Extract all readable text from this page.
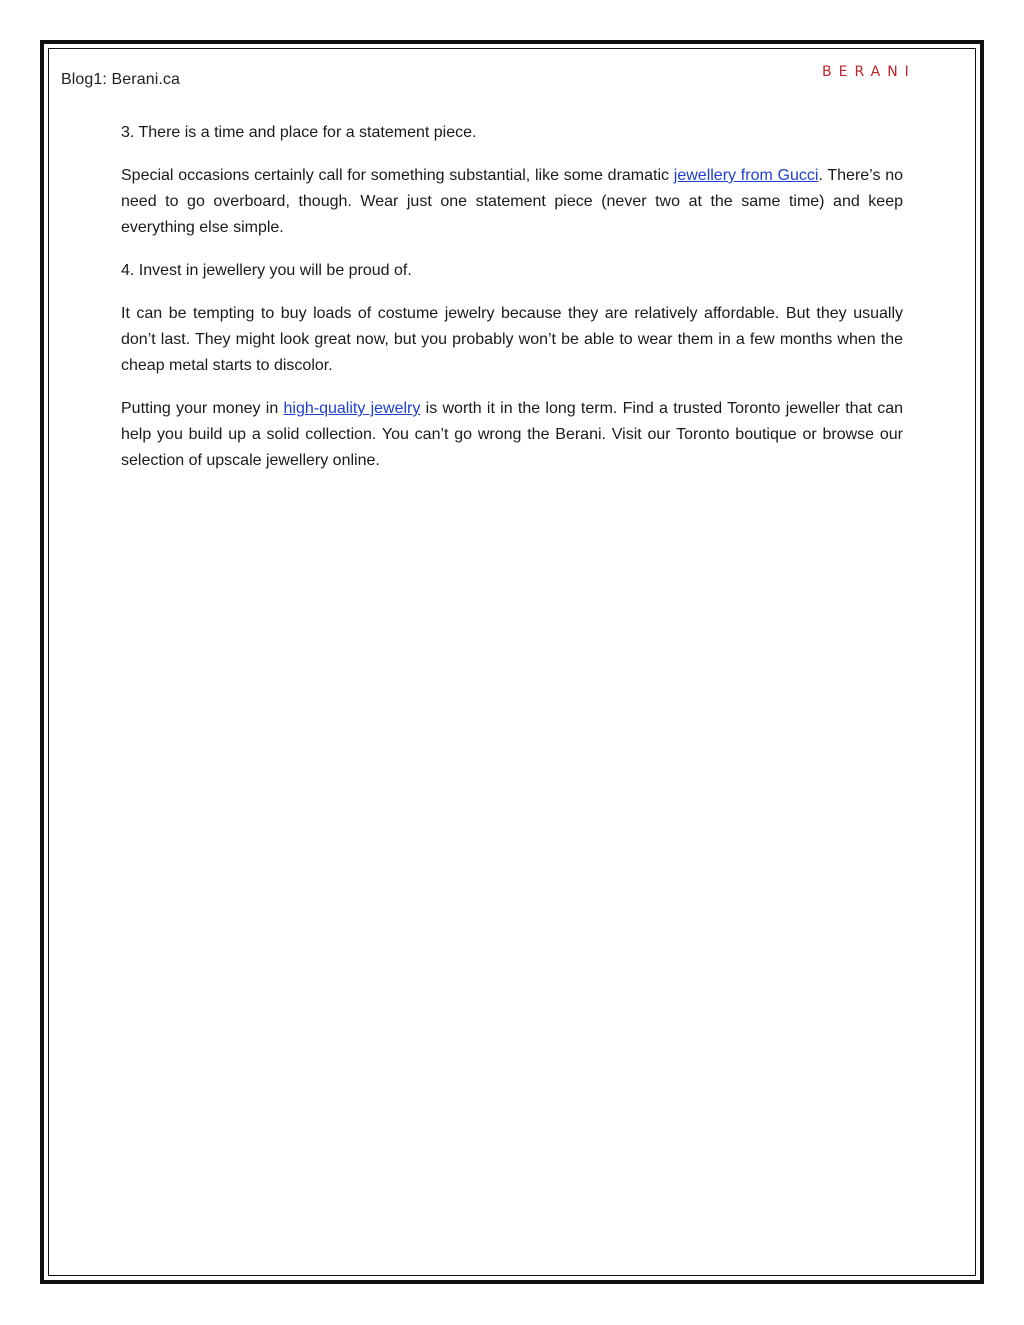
Blog1: Berani.ca	BERANI

3. There is a time and place for a statement piece.

Special occasions certainly call for something substantial, like some dramatic jewellery from Gucci. There’s no need to go overboard, though. Wear just one statement piece (never two at the same time) and keep everything else simple.

4. Invest in jewellery you will be proud of.

It can be tempting to buy loads of costume jewelry because they are relatively affordable. But they usually don’t last. They might look great now, but you probably won’t be able to wear them in a few months when the cheap metal starts to discolor.

Putting your money in high-quality jewelry is worth it in the long term. Find a trusted Toronto jeweller that can help you build up a solid collection. You can’t go wrong the Berani. Visit our Toronto boutique or browse our selection of upscale jewellery online.
